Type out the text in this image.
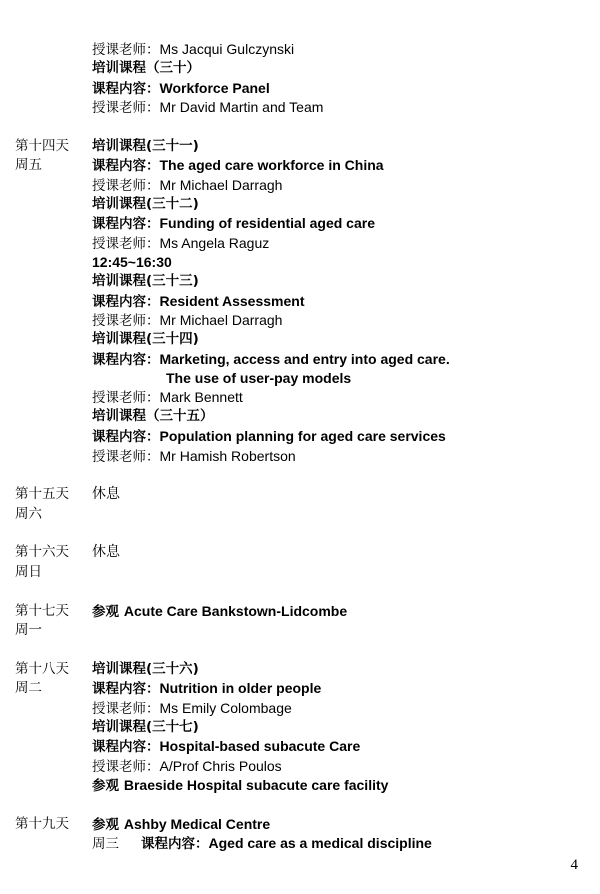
授课老师：Ms Jacqui Gulczynski
培训课程（三十）
课程内容：Workforce Panel
授课老师：Mr David Martin and Team
第十四天
周五
培训课程(三十一)
课程内容：The aged care workforce in China
授课老师：Mr Michael Darragh
培训课程(三十二)
课程内容：Funding of residential aged care
授课老师：Ms Angela Raguz
12:45~16:30
培训课程(三十三)
课程内容：Resident Assessment
授课老师：Mr Michael Darragh
培训课程(三十四)
课程内容：Marketing, access and entry into aged care.
The use of user-pay models
授课老师：Mark Bennett
培训课程（三十五）
课程内容：Population planning for aged care services
授课老师：Mr Hamish Robertson
第十五天
周六
休息
第十六天
周日
休息
第十七天
周一
参观 Acute Care Bankstown-Lidcombe
第十八天
周二
培训课程(三十六)
课程内容：Nutrition in older people
授课老师：Ms Emily Colombage
培训课程(三十七)
课程内容：Hospital-based subacute Care
授课老师：A/Prof Chris Poulos
参观 Braeside Hospital subacute care facility
第十九天 参观 Ashby Medical Centre
周三 课程内容：Aged care as a medical discipline
4
